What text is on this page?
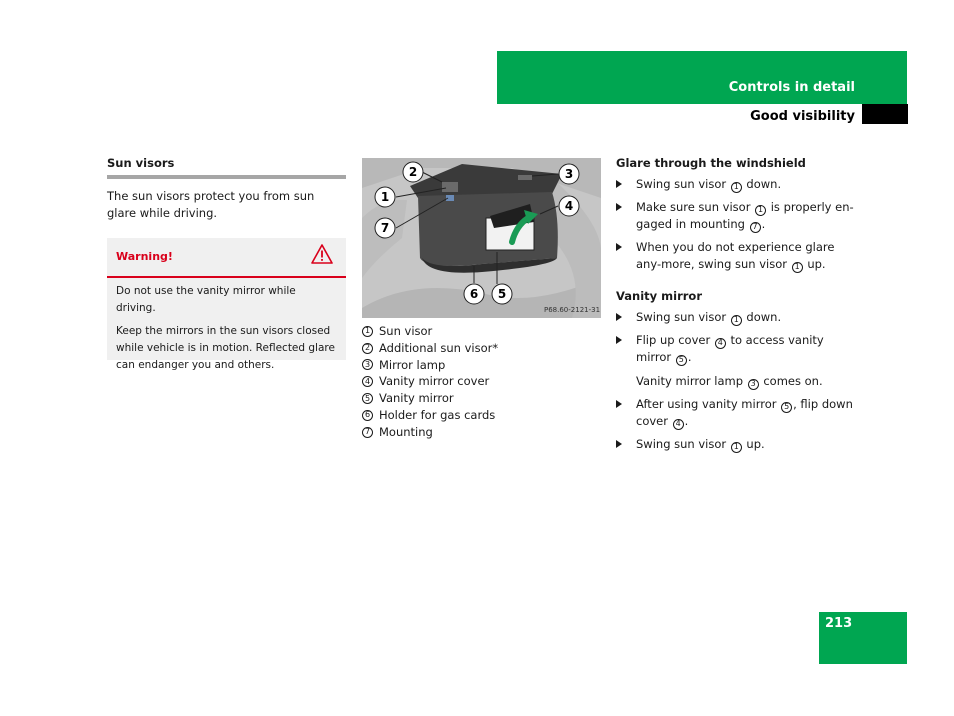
Controls in detail
Good visibility
Sun visors
The sun visors protect you from sun glare while driving.
Warning!

Do not use the vanity mirror while driving.

Keep the mirrors in the sun visors closed while vehicle is in motion. Reflected glare can endanger you and others.

2
1
7
3
4
6 5
P68.60-2121-31
1 Sun visor
2 Additional sun visor*
3 Mirror lamp
4 Vanity mirror cover
5 Vanity mirror
6 Holder for gas cards
7 Mounting
Glare through the windshield
Swing sun visor 1 down.
Make sure sun visor 1 is properly en-gaged in mounting 7 .
When you do not experience glare any-more, swing sun visor 1 up.
Vanity mirror
Swing sun visor 1 down.
Flip up cover 4 to access vanity mirror 5 .
Vanity mirror lamp 3 comes on.
After using vanity mirror 5 , flip down cover 4 .
Swing sun visor 1 up.
213
